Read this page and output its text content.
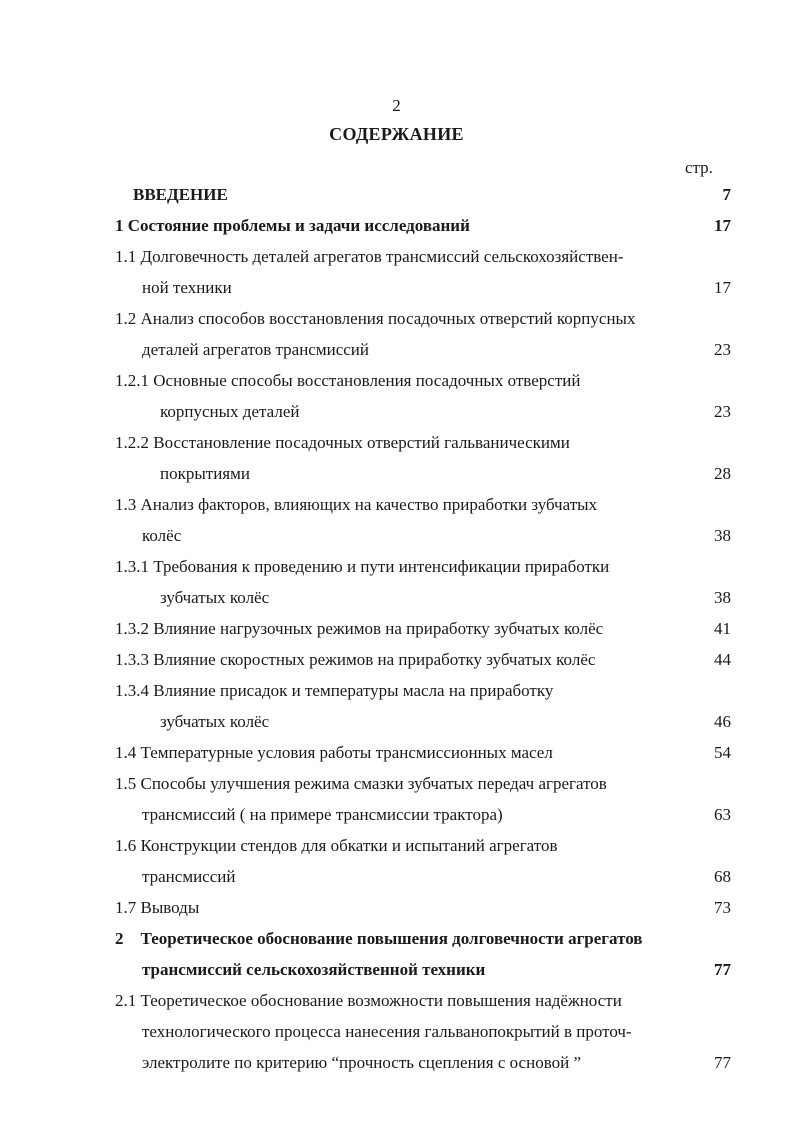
2
СОДЕРЖАНИЕ
стр.
ВВЕДЕНИЕ	7
1 Состояние проблемы и задачи исследований	17
1.1 Долговечность деталей агрегатов трансмиссий сельскохозяйствен-
ной техники	17
1.2 Анализ способов восстановления посадочных отверстий корпусных
деталей агрегатов трансмиссий	23
1.2.1 Основные способы восстановления посадочных отверстий
корпусных деталей	23
1.2.2 Восстановление посадочных отверстий гальваническими
покрытиями	28
1.3 Анализ факторов, влияющих на качество приработки зубчатых
колёс	38
1.3.1 Требования к проведению и пути интенсификации приработки
зубчатых колёс	38
1.3.2 Влияние нагрузочных режимов на приработку зубчатых колёс	41
1.3.3 Влияние скоростных режимов на приработку зубчатых колёс	44
1.3.4 Влияние присадок и температуры масла на приработку
зубчатых колёс	46
1.4 Температурные условия работы трансмиссионных масел	54
1.5 Способы улучшения режима смазки зубчатых передач агрегатов
трансмиссий ( на примере трансмиссии трактора)	63
1.6 Конструкции стендов для обкатки и испытаний агрегатов
трансмиссий	68
1.7 Выводы	73
2    Теоретическое обоснование повышения долговечности агрегатов
трансмиссий сельскохозяйственной техники	77
2.1 Теоретическое обоснование возможности повышения надёжности
технологического процесса нанесения гальванопокрытий в проточ-
электролите по критерию “прочность сцепления с основой ”	77
